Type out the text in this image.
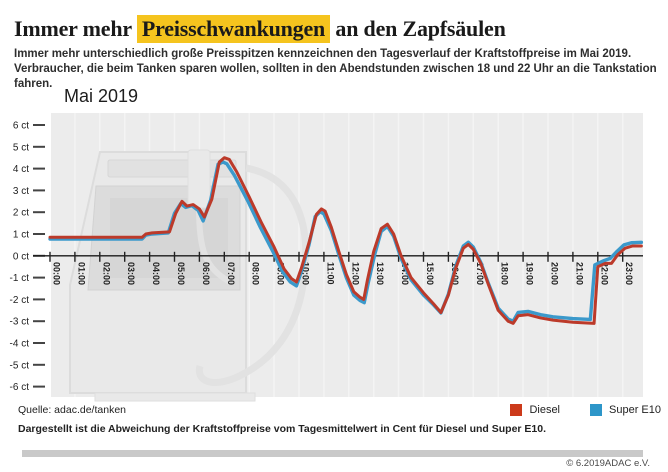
Immer mehr Preisschwankungen an den Zapfsäulen
Immer mehr unterschiedlich große Preisspitzen kennzeichnen den Tagesverlauf der Kraftstoffpreise im Mai 2019.
Verbraucher, die beim Tanken sparen wollen, sollten in den Abendstunden zwischen 18 und 22 Uhr an die Tankstation fahren.
Mai 2019
6 ct
5 ct
4 ct
3 ct
2 ct
1 ct
0 ct
-1 ct
-2 ct
-3 ct
-4 ct
-5 ct
-6 ct
00:00 01:00 02:00 03:00 04:00 05:00 06:00 07:00 08:00 09:00 10:00 11:00 12:00 13:00 14:00 15:00 16:00 17:00 18:00 19:00 20:00 21:00 22:00 23:00
Quelle: adac.de/tanken	Diesel	Super E10
Dargestellt ist die Abweichung der Kraftstoffpreise vom Tagesmittelwert in Cent für Diesel und Super E10.
© 6.2019ADAC e.V.
